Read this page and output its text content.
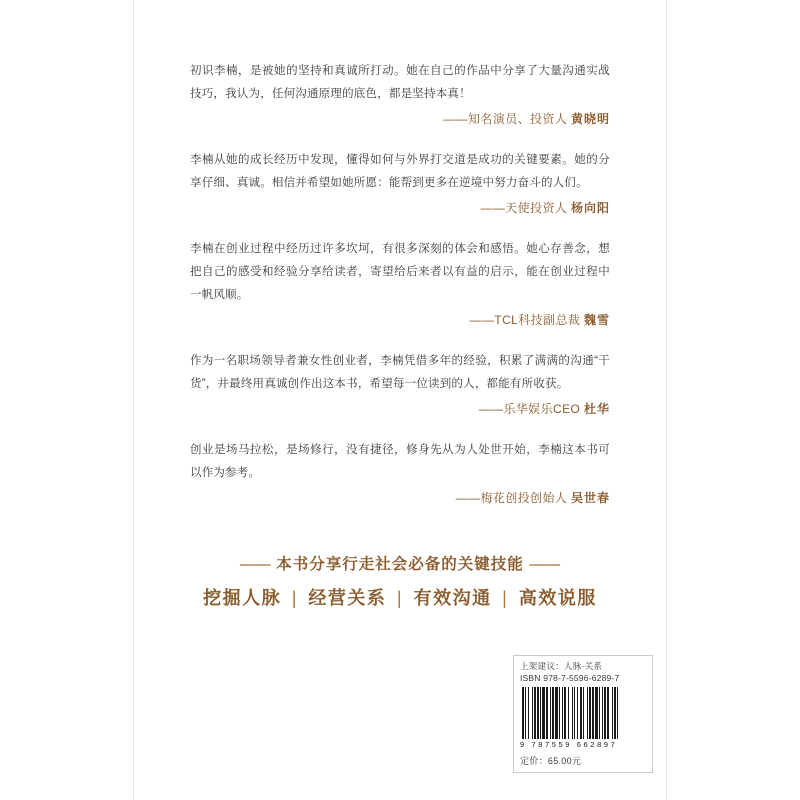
初识李楠，是被她的坚持和真诚所打动。她在自己的作品中分享了大量沟通实战技巧，我认为，任何沟通原理的底色，都是坚持本真！
——知名演员、投资人 黄晓明
李楠从她的成长经历中发现，懂得如何与外界打交道是成功的关键要素。她的分享仔细、真诚。相信并希望如她所愿：能帮到更多在逆境中努力奋斗的人们。
——天使投资人 杨向阳
李楠在创业过程中经历过许多坎坷，有很多深刻的体会和感悟。她心存善念，想把自己的感受和经验分享给读者，寄望给后来者以有益的启示，能在创业过程中一帆风顺。
——TCL科技副总裁 魏雪
作为一名职场领导者兼女性创业者，李楠凭借多年的经验，积累了满满的沟通“干货”，并最终用真诚创作出这本书，希望每一位读到的人，都能有所收获。
——乐华娱乐CEO 杜华
创业是场马拉松，是场修行，没有捷径，修身先从为人处世开始，李楠这本书可以作为参考。
——梅花创投创始人 吴世春
—— 本书分享行走社会必备的关键技能 ——
挖掘人脉 | 经营关系 | 有效沟通 | 高效说服
上架建议：人脉·关系
ISBN 978-7-5596-6289-7
9 787559 662897
定价：65.00元
